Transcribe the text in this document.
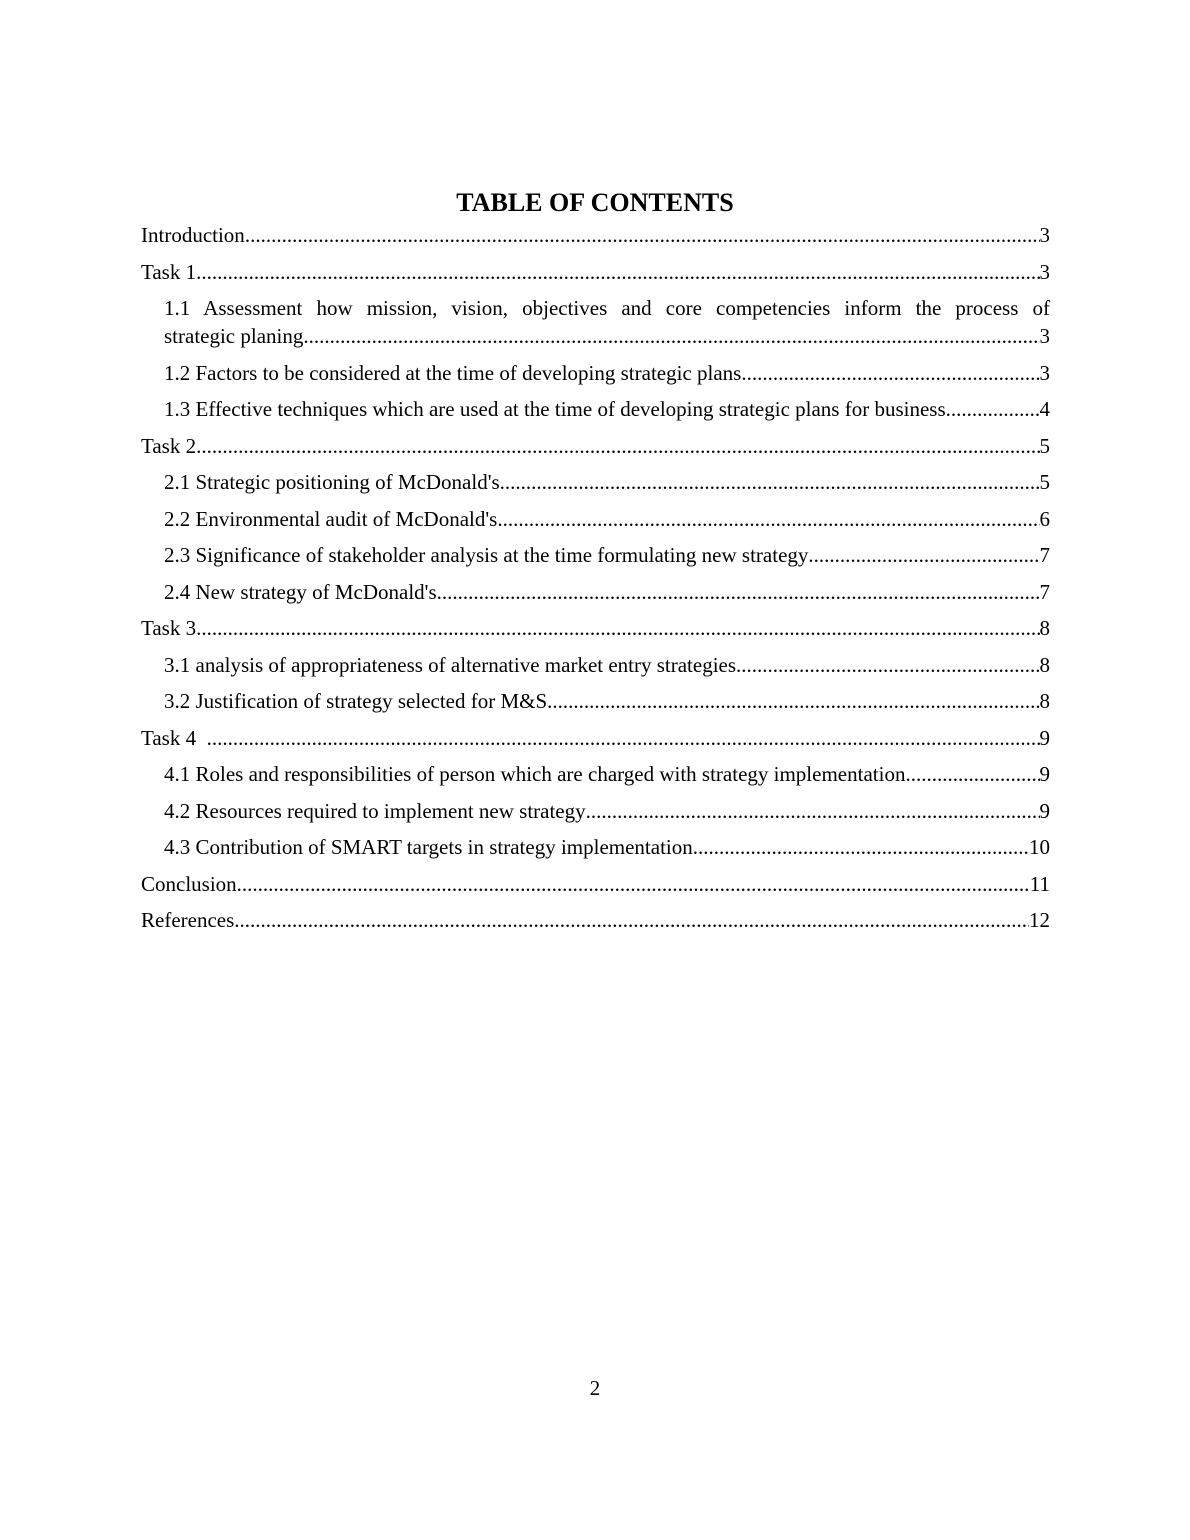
TABLE OF CONTENTS
Introduction .....	3
Task 1 .....	3
1.1 Assessment how mission, vision, objectives and core competencies inform the process of
strategic planing .....	3
1.2 Factors to be considered at the time of developing strategic plans .....	3
1.3 Effective techniques which are used at the time of developing strategic plans for business .....	4
Task 2 .....	5
2.1 Strategic positioning of McDonald's .....	5
2.2 Environmental audit of McDonald's .....	6
2.3 Significance of stakeholder analysis at the time formulating new strategy .....	7
2.4 New strategy of McDonald's .....	7
Task 3 .....	8
3.1 analysis of appropriateness of alternative market entry strategies .....	8
3.2 Justification of strategy selected for M&S .....	8
Task 4 .....	9
4.1 Roles and responsibilities of person which are charged with strategy implementation .....	9
4.2 Resources required to implement new strategy .....	9
4.3 Contribution of SMART targets in strategy implementation .....	10
Conclusion .....	11
References .....	12
2
